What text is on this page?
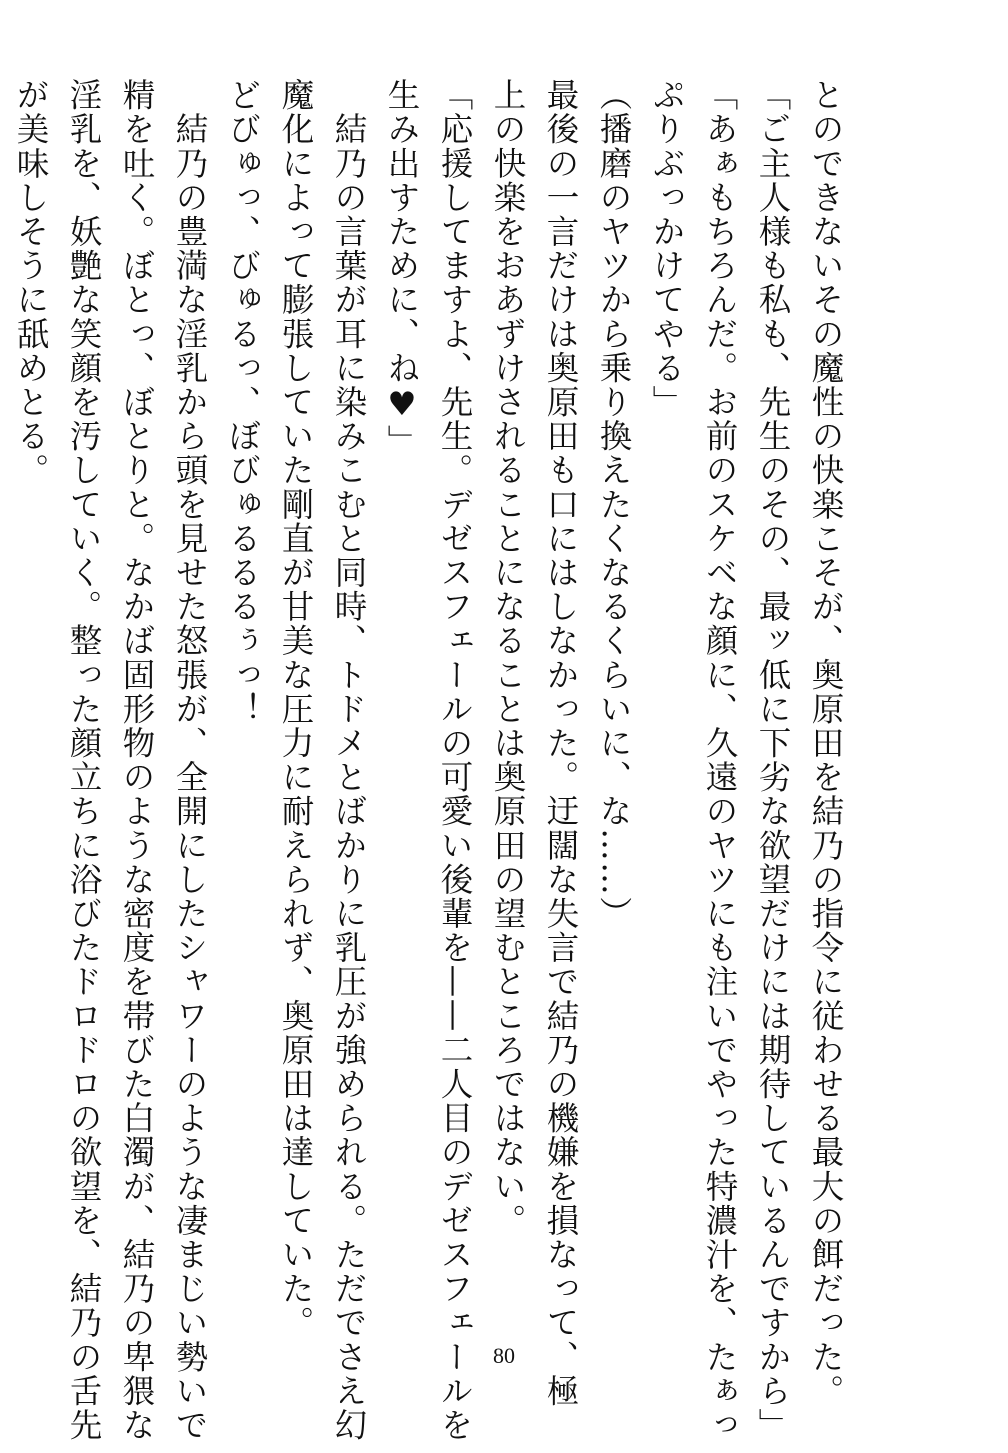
とのできないその魔性の快楽こそが、奥原田を結乃の指令に従わせる最大の餌だった。
「ご主人様も私も、先生のその、最ッ低に下劣な欲望だけには期待しているんですから」
「あぁもちろんだ。お前のスケベな顔に、久遠のヤツにも注いでやった特濃汁を、たぁっ
ぷりぶっかけてやる」
（播磨のヤツから乗り換えたくなるくらいに、な……）
最後の一言だけは奥原田も口にはしなかった。迂闊な失言で結乃の機嫌を損なって、極
上の快楽をおあずけされることになることは奥原田の望むところではない。
「応援してますよ、先生。デゼスフェールの可愛い後輩を——二人目のデゼスフェールを
生み出すために、ね♥」
　結乃の言葉が耳に染みこむと同時、トドメとばかりに乳圧が強められる。ただでさえ幻
魔化によって膨張していた剛直が甘美な圧力に耐えられず、奥原田は達していた。
どびゅっ、びゅるっ、ぼびゅるるるぅっ！
　結乃の豊満な淫乳から頭を見せた怒張が、全開にしたシャワーのような凄まじい勢いで
精を吐く。ぼとっ、ぼとりと。なかば固形物のような密度を帯びた白濁が、結乃の卑猥な
淫乳を、妖艶な笑顔を汚していく。整った顔立ちに浴びたドロドロの欲望を、結乃の舌先
が美味しそうに舐めとる。
80
